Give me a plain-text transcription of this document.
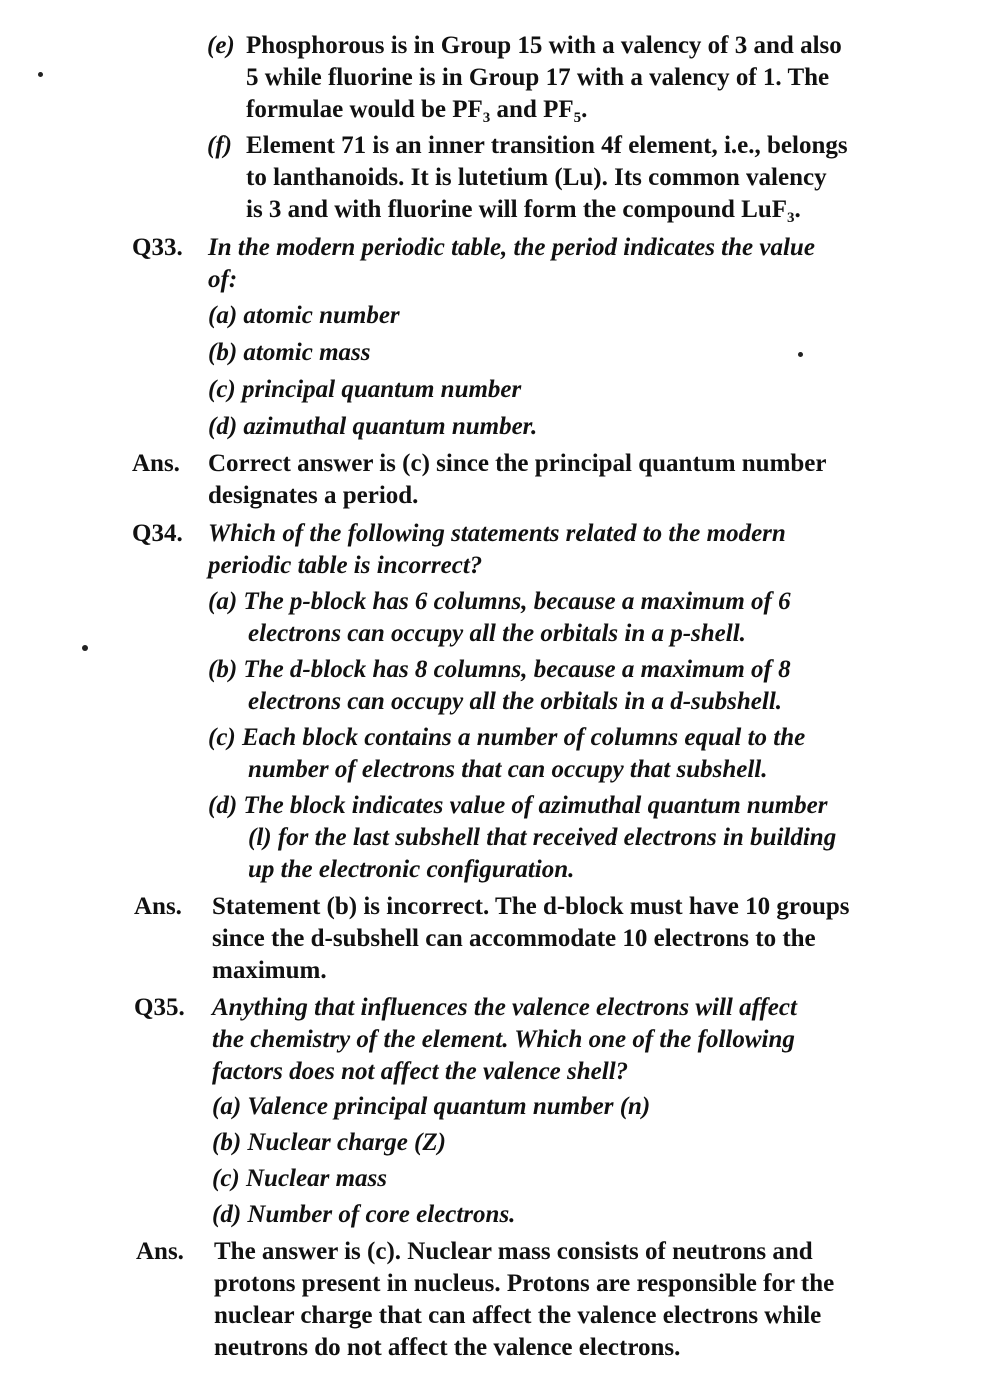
(e) Phosphorous is in Group 15 with a valency of 3 and also
5 while fluorine is in Group 17 with a valency of 1. The
formulae would be $PF_3$ and $PF_5$.
(f) Element 71 is an inner transition 4f element, i.e., belongs
to lanthanoids. It is lutetium (Lu). Its common valency
is 3 and with fluorine will form the compound LuF$_3$.
Q33. In the modern periodic table, the period indicates the value
of:
(a) atomic number
(b) atomic mass
(c) principal quantum number
(d) azimuthal quantum number.
Ans. Correct answer is (c) since the principal quantum number
designates a period.
Q34. Which of the following statements related to the modern
periodic table is incorrect?
(a) The p-block has 6 columns, because a maximum of 6
electrons can occupy all the orbitals in a p-shell.
(b) The d-block has 8 columns, because a maximum of 8
electrons can occupy all the orbitals in a d-subshell.
(c) Each block contains a number of columns equal to the
number of electrons that can occupy that subshell.
(d) The block indicates value of azimuthal quantum number
(l) for the last subshell that received electrons in building
up the electronic configuration.
Ans. Statement (b) is incorrect. The d-block must have 10 groups
since the d-subshell can accommodate 10 electrons to the
maximum.
Q35. Anything that influences the valence electrons will affect
the chemistry of the element. Which one of the following
factors does not affect the valence shell?
(a) Valence principal quantum number (n)
(b) Nuclear charge (Z)
(c) Nuclear mass
(d) Number of core electrons.
Ans. The answer is (c). Nuclear mass consists of neutrons and
protons present in nucleus. Protons are responsible for the
nuclear charge that can affect the valence electrons while
neutrons do not affect the valence electrons.
